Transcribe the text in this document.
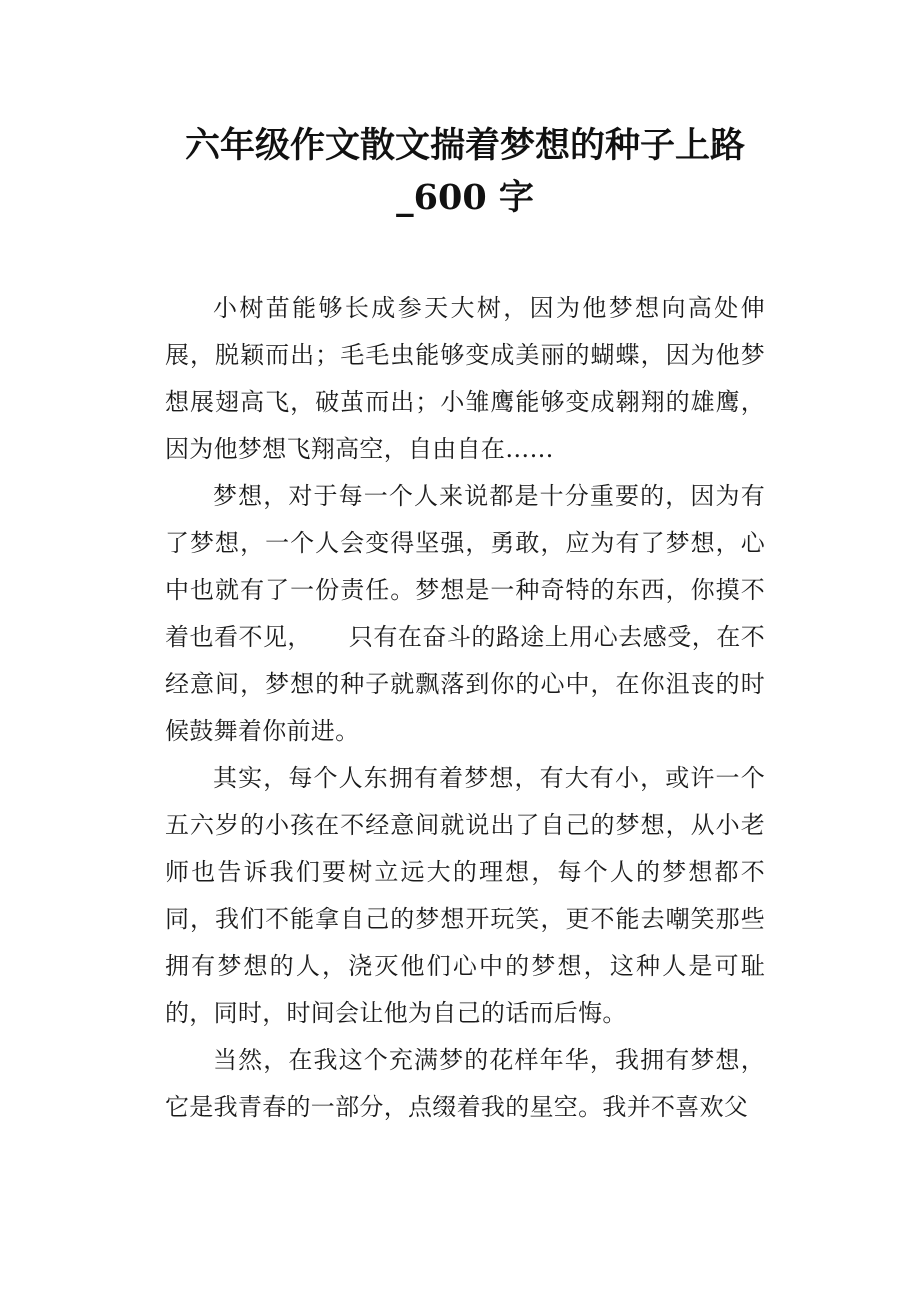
六年级作文散文揣着梦想的种子上路
_600 字

小树苗能够长成参天大树，因为他梦想向高处伸展，脱颖而出；毛毛虫能够变成美丽的蝴蝶，因为他梦想展翅高飞，破茧而出；小雏鹰能够变成翱翔的雄鹰，因为他梦想飞翔高空，自由自在……

梦想，对于每一个人来说都是十分重要的，因为有了梦想，一个人会变得坚强，勇敢，应为有了梦想，心中也就有了一份责任。梦想是一种奇特的东西，你摸不着也看不见，　　只有在奋斗的路途上用心去感受，在不经意间，梦想的种子就飘落到你的心中，在你沮丧的时候鼓舞着你前进。

其实，每个人东拥有着梦想，有大有小，或许一个五六岁的小孩在不经意间就说出了自己的梦想，从小老师也告诉我们要树立远大的理想，每个人的梦想都不同，我们不能拿自己的梦想开玩笑，更不能去嘲笑那些拥有梦想的人，浇灭他们心中的梦想，这种人是可耻的，同时，时间会让他为自己的话而后悔。

当然，在我这个充满梦的花样年华，我拥有梦想，它是我青春的一部分，点缀着我的星空。我并不喜欢父
